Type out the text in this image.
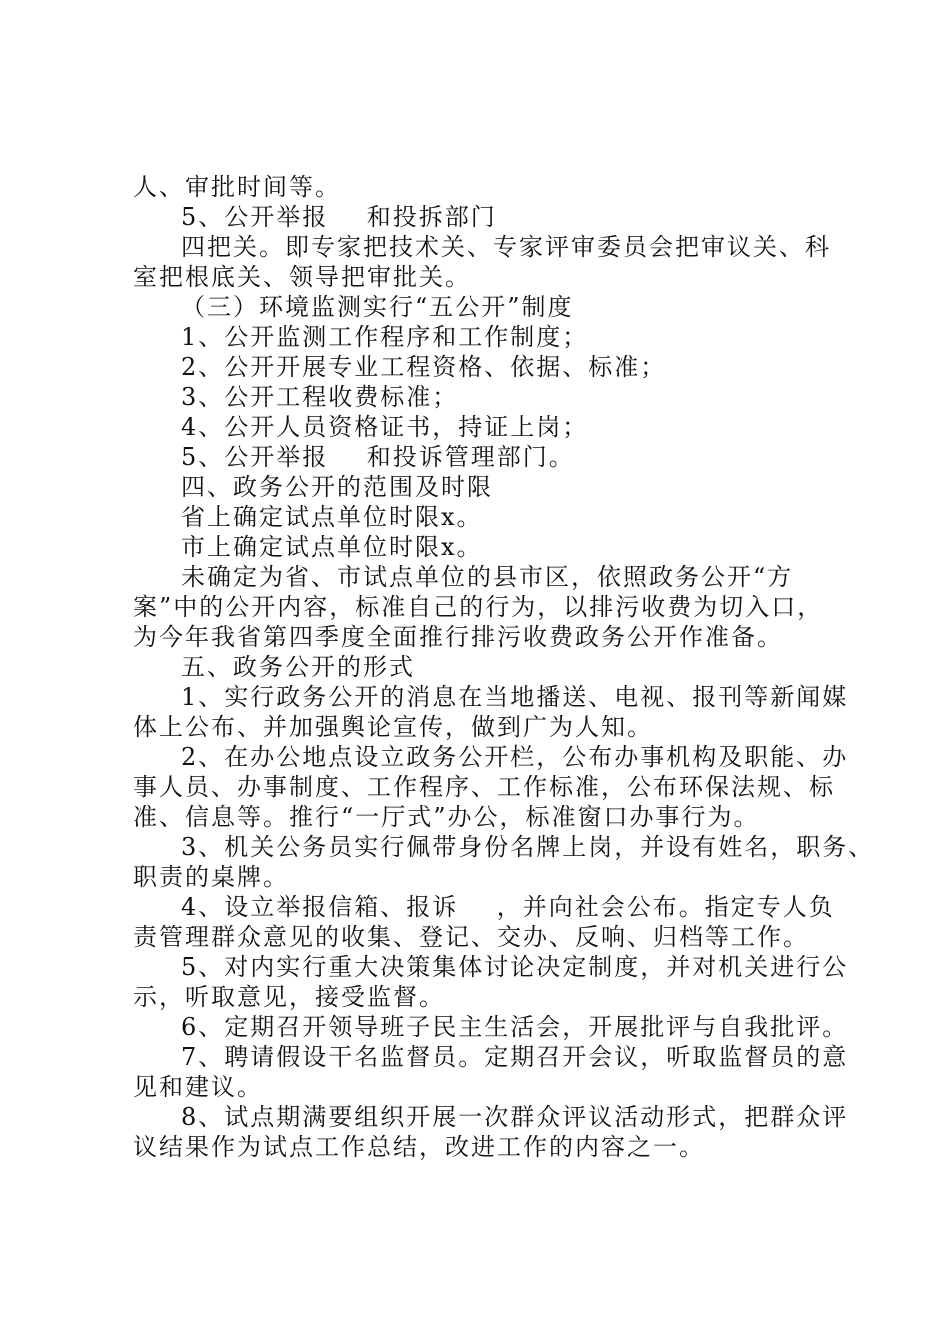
人、审批时间等。

5、公开举报    和投拆部门

四把关。即专家把技术关、专家评审委员会把审议关、科

室把根底关、领导把审批关。

（三）环境监测实行“五公开”制度

1、公开监测工作程序和工作制度；

2、公开开展专业工程资格、依据、标准；

3、公开工程收费标准；

4、公开人员资格证书，持证上岗；

5、公开举报    和投诉管理部门。

四、政务公开的范围及时限

省上确定试点单位时限x。

市上确定试点单位时限x。

未确定为省、市试点单位的县市区，依照政务公开“方

案”中的公开内容，标准自己的行为，以排污收费为切入口，

为今年我省第四季度全面推行排污收费政务公开作准备。

五、政务公开的形式

1、实行政务公开的消息在当地播送、电视、报刊等新闻媒

体上公布、并加强舆论宣传，做到广为人知。

2、在办公地点设立政务公开栏，公布办事机构及职能、办

事人员、办事制度、工作程序、工作标准，公布环保法规、标

准、信息等。推行“一厅式”办公，标准窗口办事行为。

3、机关公务员实行佩带身份名牌上岗，并设有姓名，职务、

职责的桌牌。

4、设立举报信箱、报诉    ，并向社会公布。指定专人负

责管理群众意见的收集、登记、交办、反响、归档等工作。

5、对内实行重大决策集体讨论决定制度，并对机关进行公

示，听取意见，接受监督。

6、定期召开领导班子民主生活会，开展批评与自我批评。

7、聘请假设干名监督员。定期召开会议，听取监督员的意

见和建议。

8、试点期满要组织开展一次群众评议活动形式，把群众评

议结果作为试点工作总结，改进工作的内容之一。
